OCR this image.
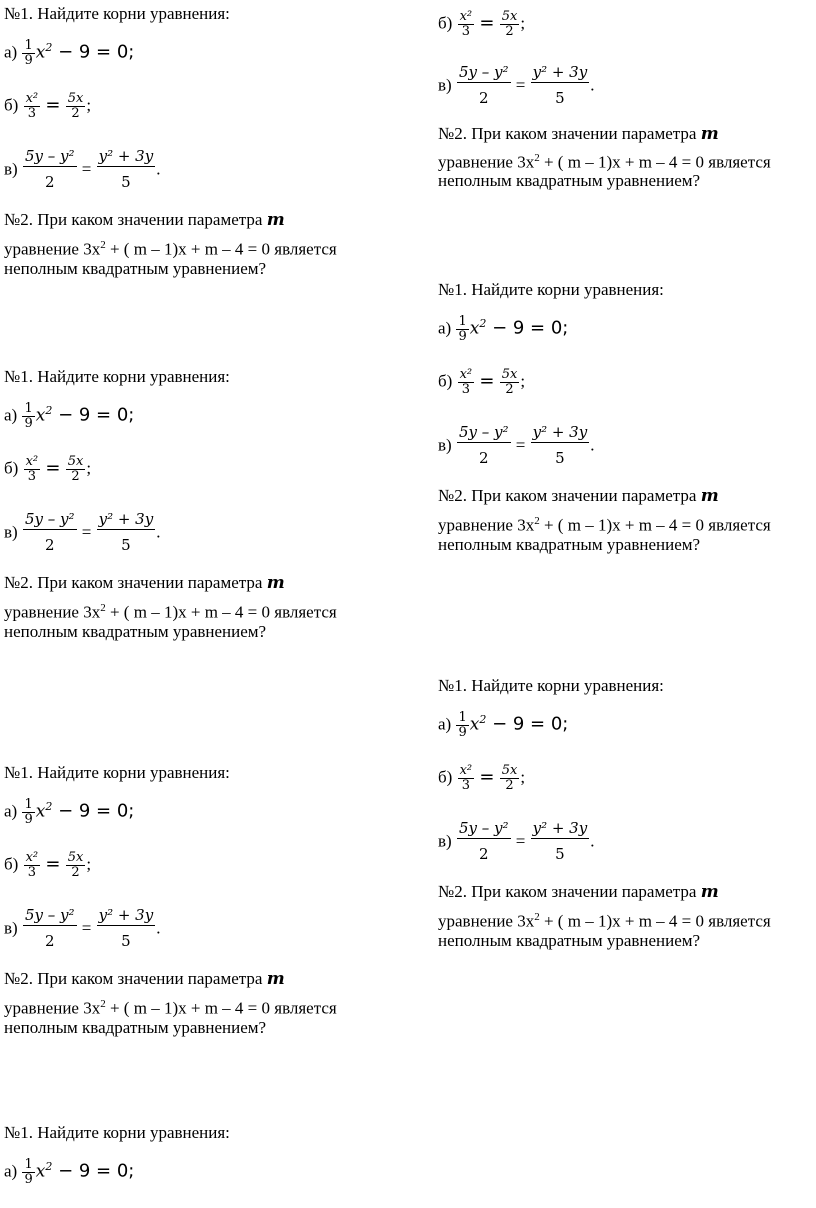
№1. Найдите корни уравнения:
$а) \frac{1}{9} x^2 - 9 = 0$;
$б) \frac{\text{x²}}{3} = \frac{5x}{2}$ ;
$в) \frac{\text{5y – y²}}{2} = \frac{\text{y² + 3y}}{5}$ .
№2. При каком значении параметра m
уравнение $3x^2$ + ( m – 1)x + m – 4 = 0 является
неполным квадратным уравнением?
№1. Найдите корни уравнения:
$а) \frac{1}{9} x^2 - 9 = 0$;
$б) \frac{\text{x²}}{3} = \frac{5x}{2}$ ;
$в) \frac{\text{5y – y²}}{2} = \frac{\text{y² + 3y}}{5}$ .
№2. При каком значении параметра m
уравнение $3x^2$ + ( m – 1)x + m – 4 = 0 является
неполным квадратным уравнением?
№1. Найдите корни уравнения:
$а) \frac{1}{9} x^2 - 9 = 0$;
$б) \frac{\text{x²}}{3} = \frac{5x}{2}$ ;
$в) \frac{\text{5y – y²}}{2} = \frac{\text{y² + 3y}}{5}$ .
№2. При каком значении параметра m
уравнение $3x^2$ + ( m – 1)x + m – 4 = 0 является
неполным квадратным уравнением?
№1. Найдите корни уравнения:
$а) \frac{1}{9} x^2 - 9 = 0$;
$б) \frac{\text{x²}}{3} = \frac{5x}{2}$ ;
$в) \frac{\text{5y – y²}}{2} = \frac{\text{y² + 3y}}{5}$ .
№2. При каком значении параметра m
уравнение $3x^2$ + ( m – 1)x + m – 4 = 0 является
неполным квадратным уравнением?
№1. Найдите корни уравнения:
$а) \frac{1}{9} x^2 - 9 = 0$;
$б) \frac{\text{x²}}{3} = \frac{5x}{2}$ ;
$в) \frac{\text{5y – y²}}{2} = \frac{\text{y² + 3y}}{5}$ .
№2. При каком значении параметра m
уравнение $3x^2$ + ( m – 1)x + m – 4 = 0 является
неполным квадратным уравнением?
№1. Найдите корни уравнения:
$а) \frac{1}{9} x^2 - 9 = 0$;
$б) \frac{\text{x²}}{3} = \frac{5x}{2}$ ;
$в) \frac{\text{5y – y²}}{2} = \frac{\text{y² + 3y}}{5}$ .
№2. При каком значении параметра m
уравнение $3x^2$ + ( m – 1)x + m – 4 = 0 является
неполным квадратным уравнением?
